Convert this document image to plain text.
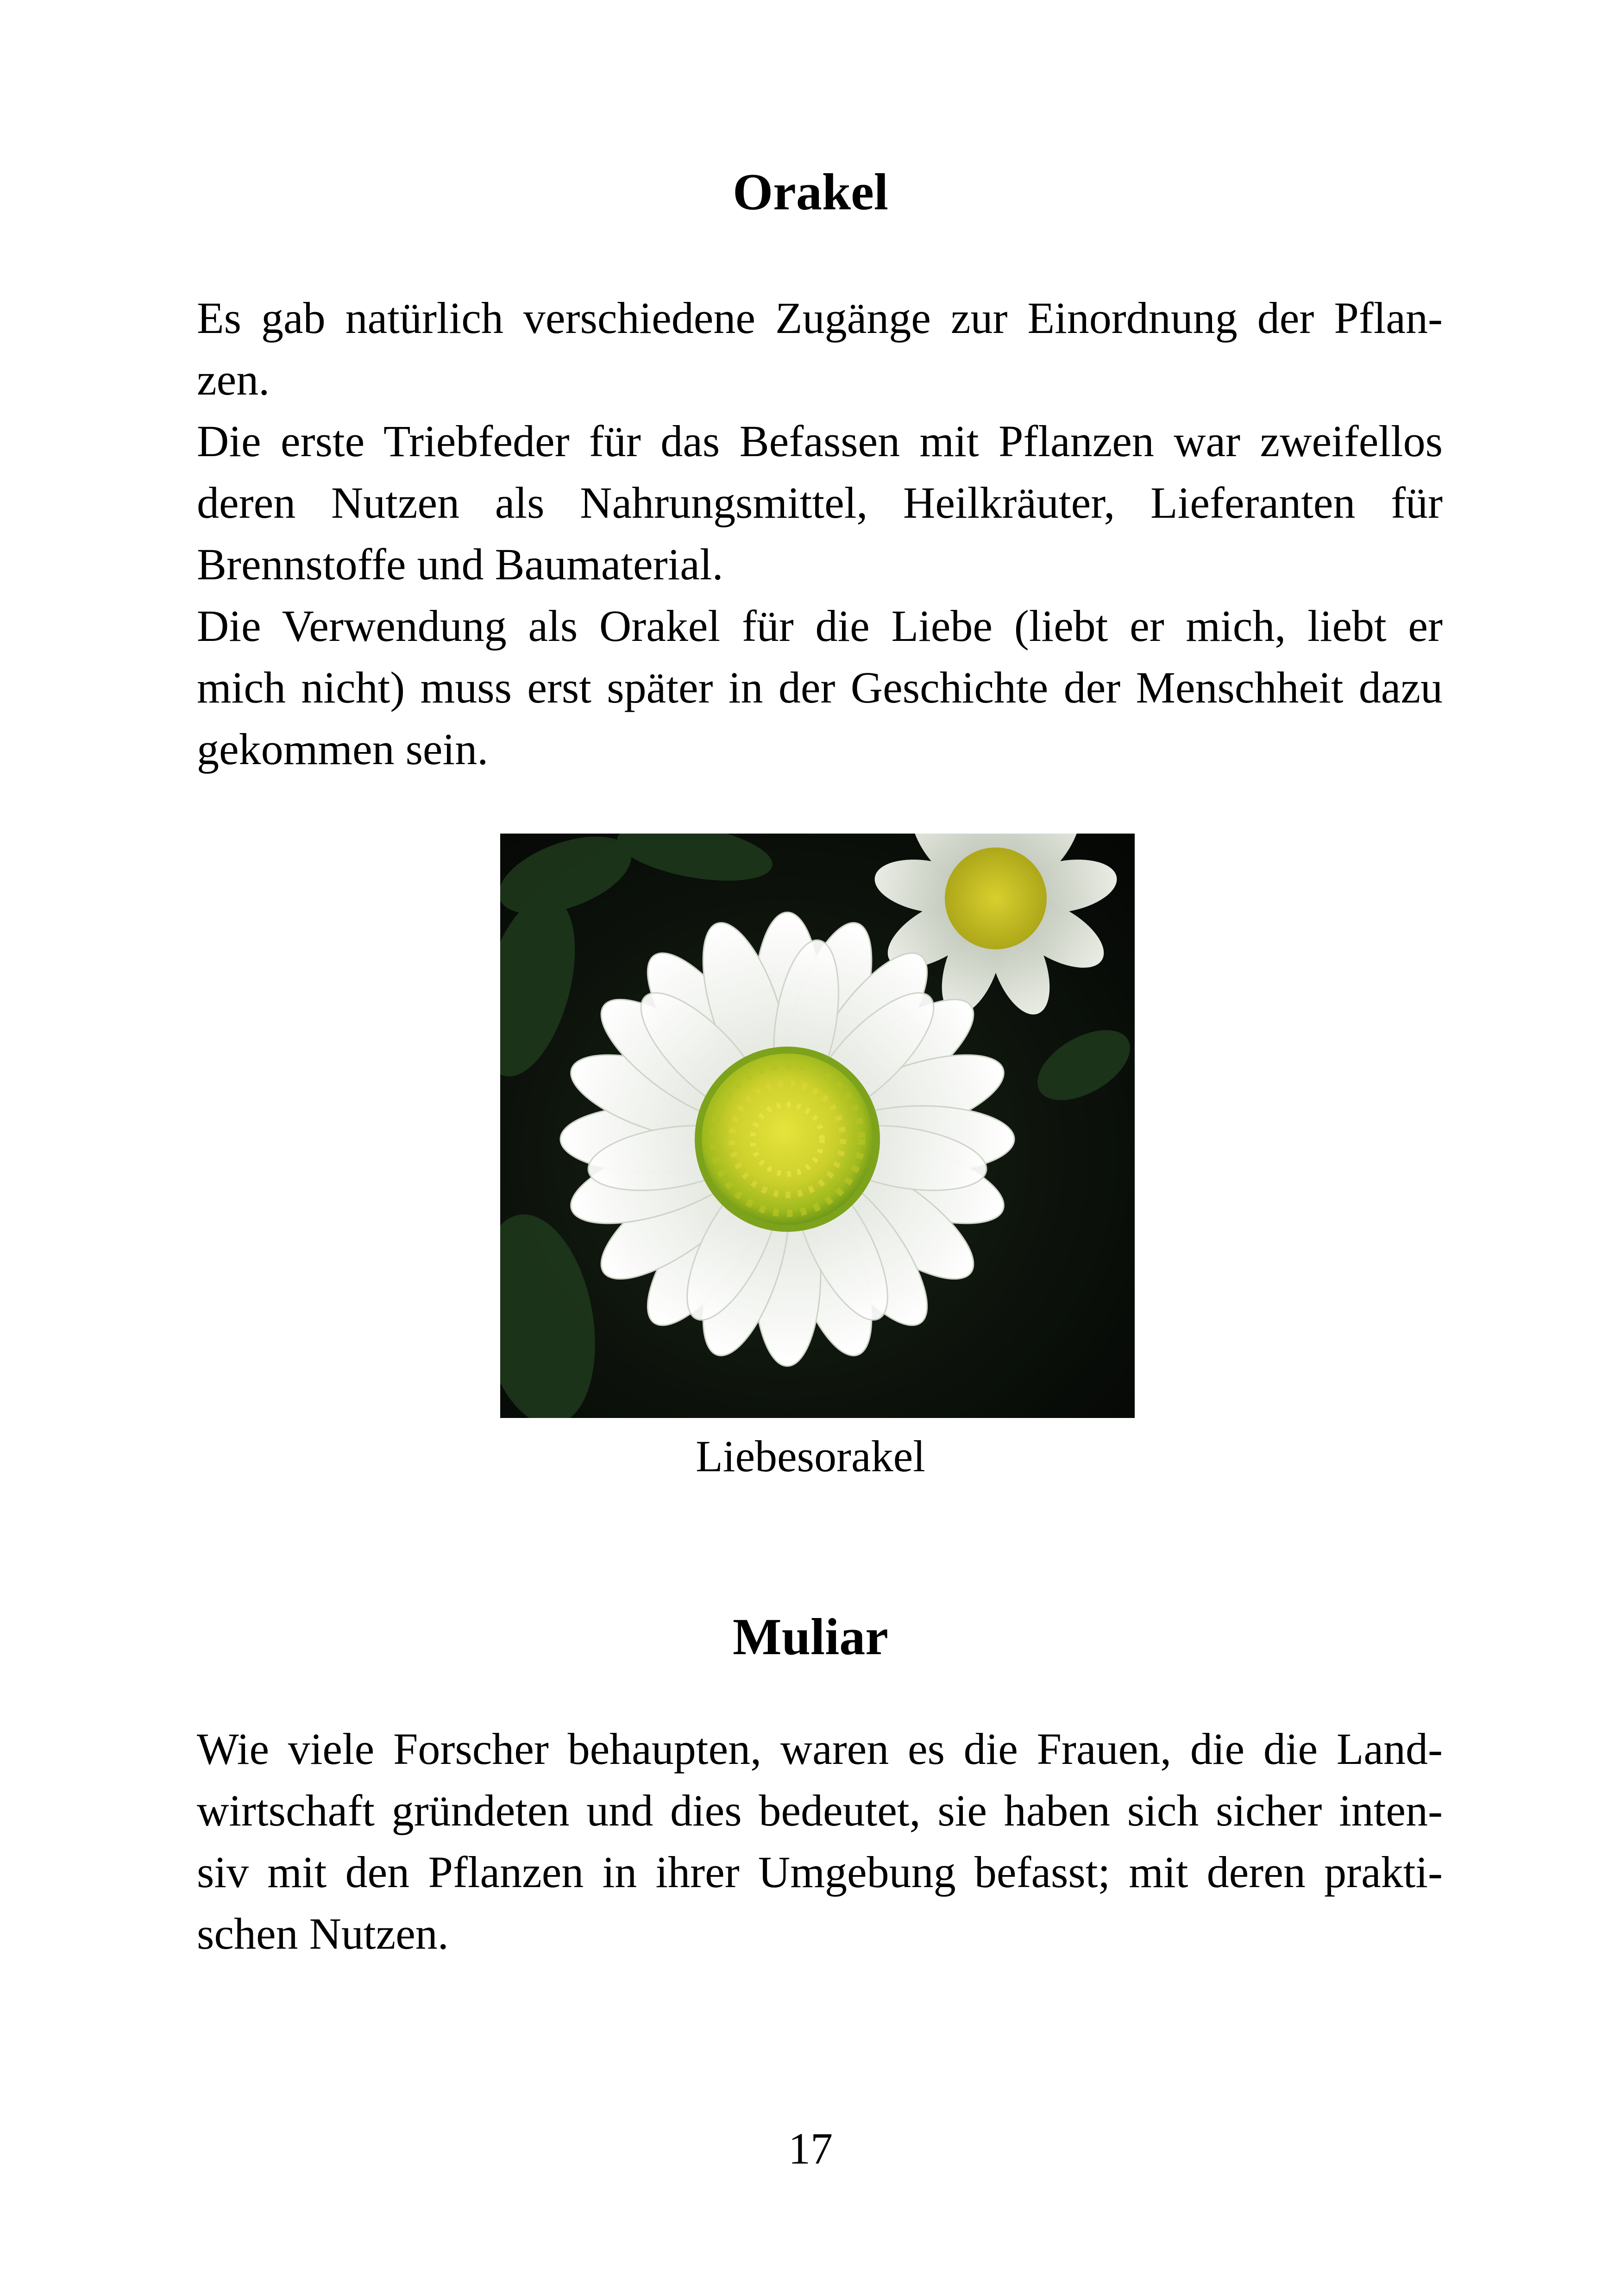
Orakel
Es gab natürlich verschiedene Zugänge zur Einordnung der Pflan-
zen.
Die erste Triebfeder für das Befassen mit Pflanzen war zweifellos
deren Nutzen als Nahrungsmittel, Heilkräuter, Lieferanten für
Brennstoffe und Baumaterial.
Die Verwendung als Orakel für die Liebe (liebt er mich, liebt er
mich nicht) muss erst später in der Geschichte der Menschheit dazu
gekommen sein.
Liebesorakel
Muliar
Wie viele Forscher behaupten, waren es die Frauen, die die Land-
wirtschaft gründeten und dies bedeutet, sie haben sich sicher inten-
siv mit den Pflanzen in ihrer Umgebung befasst; mit deren prakti-
schen Nutzen.
17
